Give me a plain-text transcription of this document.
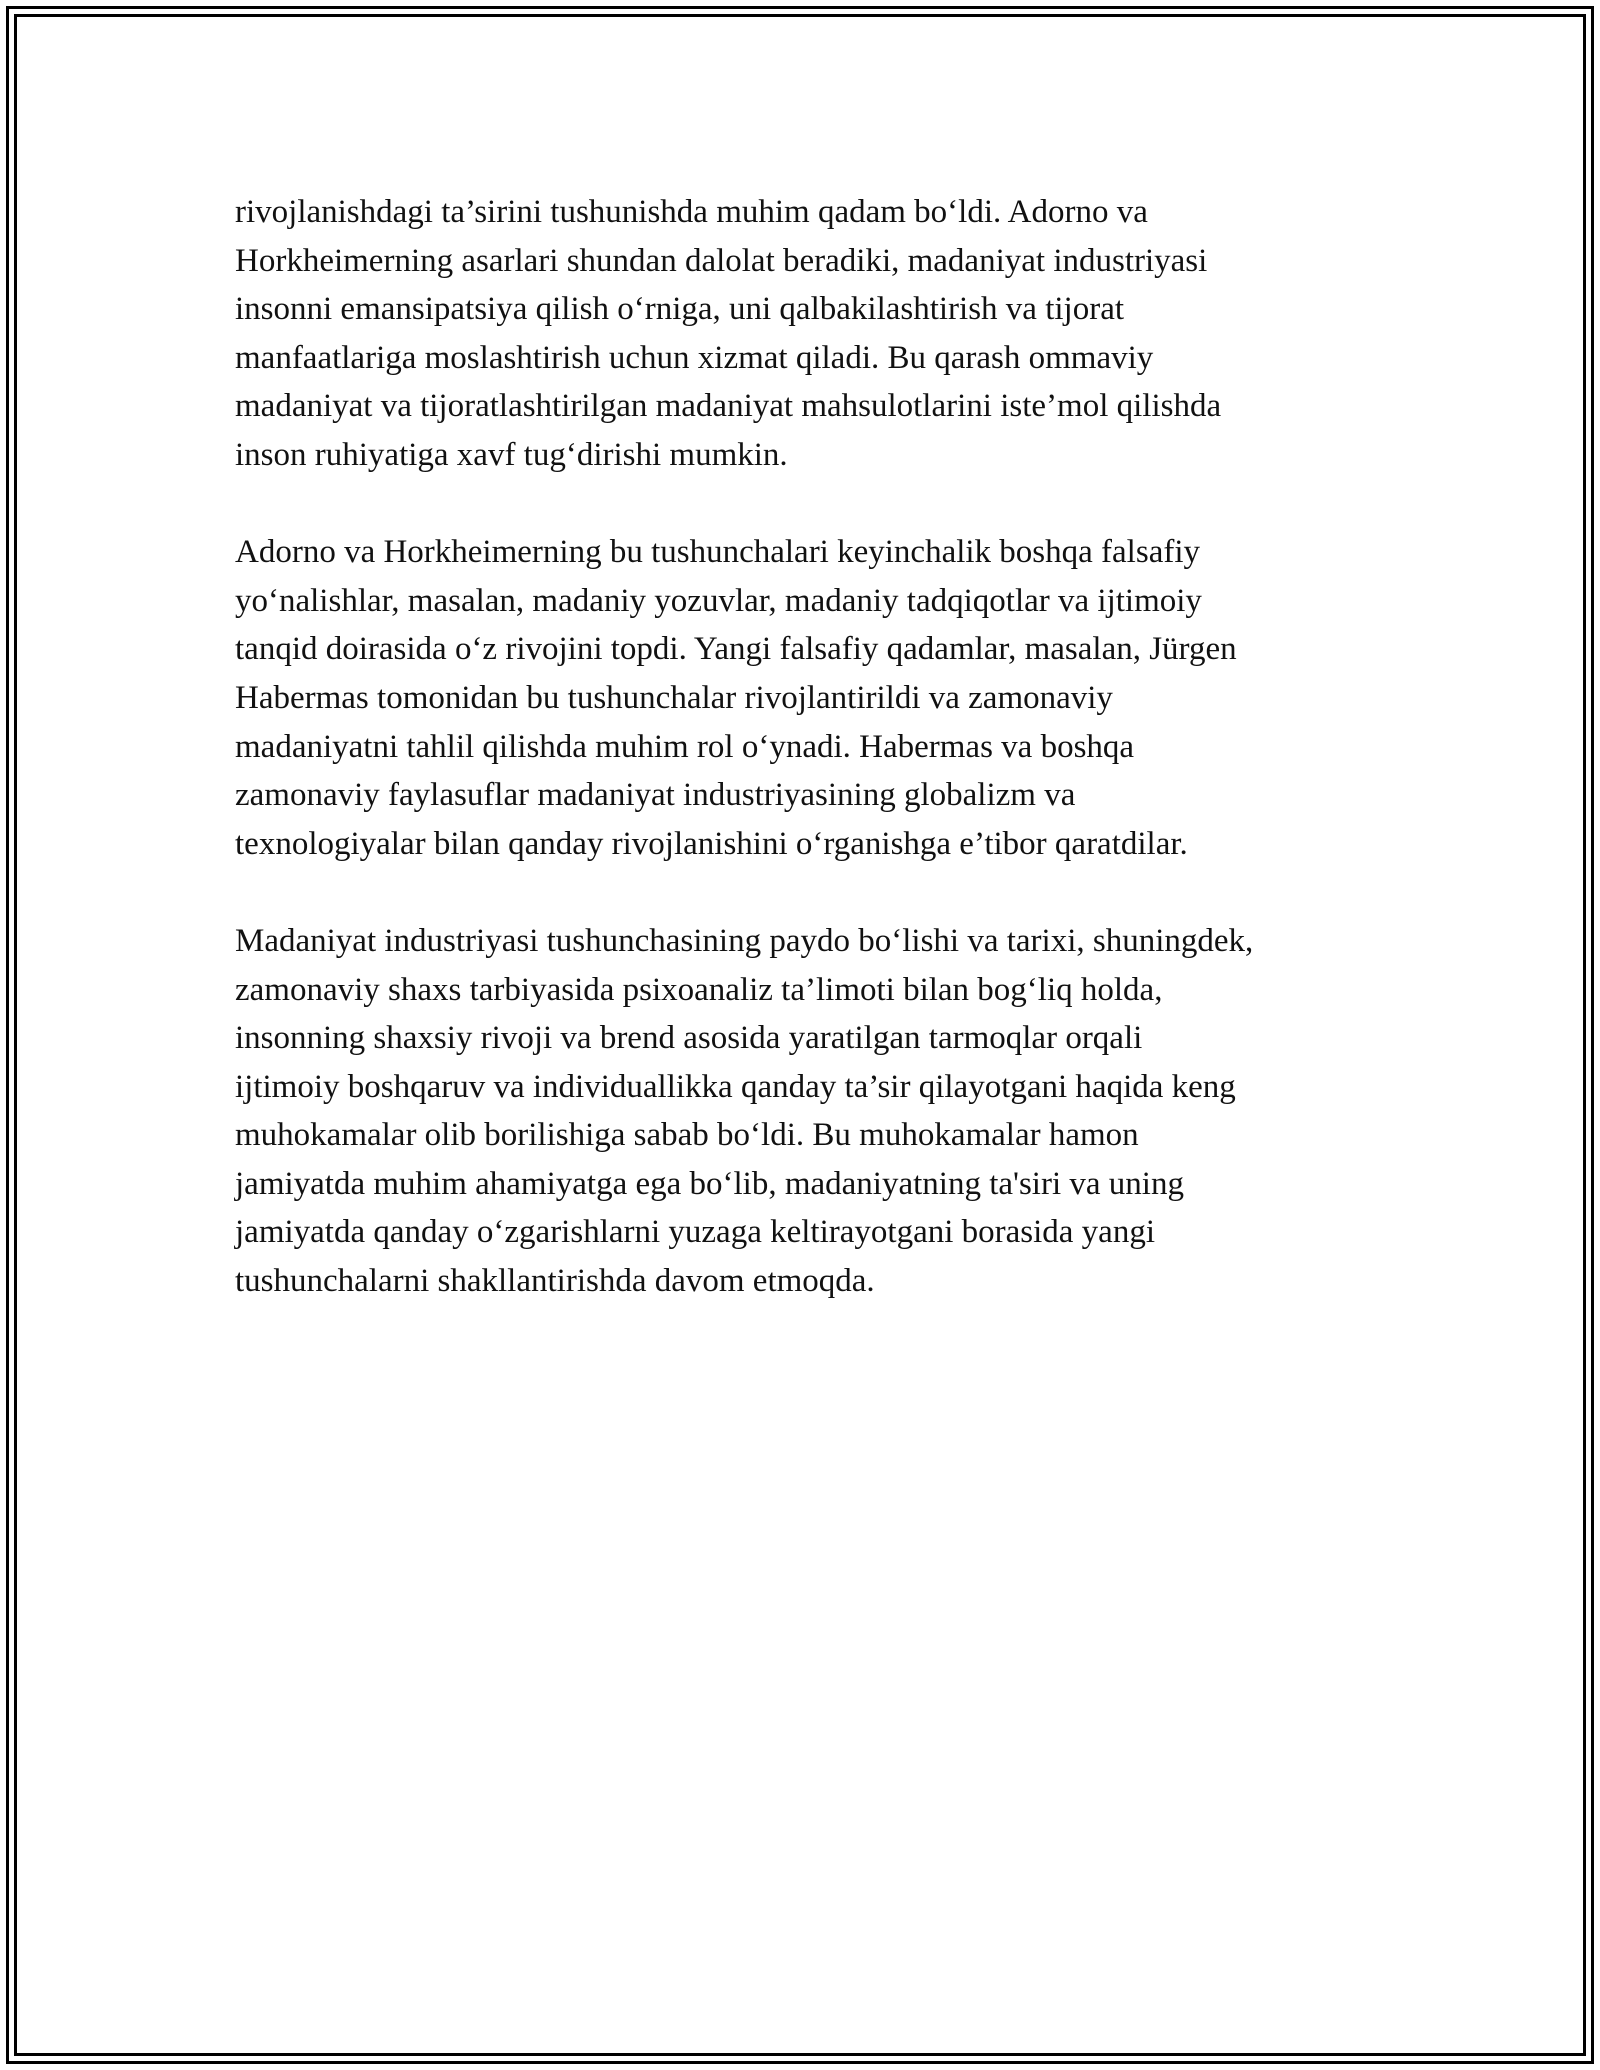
rivojlanishdagi ta’sirini tushunishda muhim qadam bo‘ldi. Adorno va
Horkheimerning asarlari shundan dalolat beradiki, madaniyat industriyasi
insonni emansipatsiya qilish o‘rniga, uni qalbakilashtirish va tijorat
manfaatlariga moslashtirish uchun xizmat qiladi. Bu qarash ommaviy
madaniyat va tijoratlashtirilgan madaniyat mahsulotlarini iste’mol qilishda
inson ruhiyatiga xavf tug‘dirishi mumkin.

Adorno va Horkheimerning bu tushunchalari keyinchalik boshqa falsafiy
yo‘nalishlar, masalan, madaniy yozuvlar, madaniy tadqiqotlar va ijtimoiy
tanqid doirasida o‘z rivojini topdi. Yangi falsafiy qadamlar, masalan, Jürgen
Habermas tomonidan bu tushunchalar rivojlantirildi va zamonaviy
madaniyatni tahlil qilishda muhim rol o‘ynadi. Habermas va boshqa
zamonaviy faylasuflar madaniyat industriyasining globalizm va
texnologiyalar bilan qanday rivojlanishini o‘rganishga e’tibor qaratdilar.

Madaniyat industriyasi tushunchasining paydo bo‘lishi va tarixi, shuningdek,
zamonaviy shaxs tarbiyasida psixoanaliz ta’limoti bilan bog‘liq holda,
insonning shaxsiy rivoji va brend asosida yaratilgan tarmoqlar orqali
ijtimoiy boshqaruv va individuallikka qanday ta’sir qilayotgani haqida keng
muhokamalar olib borilishiga sabab bo‘ldi. Bu muhokamalar hamon
jamiyatda muhim ahamiyatga ega bo‘lib, madaniyatning ta'siri va uning
jamiyatda qanday o‘zgarishlarni yuzaga keltirayotgani borasida yangi
tushunchalarni shakllantirishda davom etmoqda.
